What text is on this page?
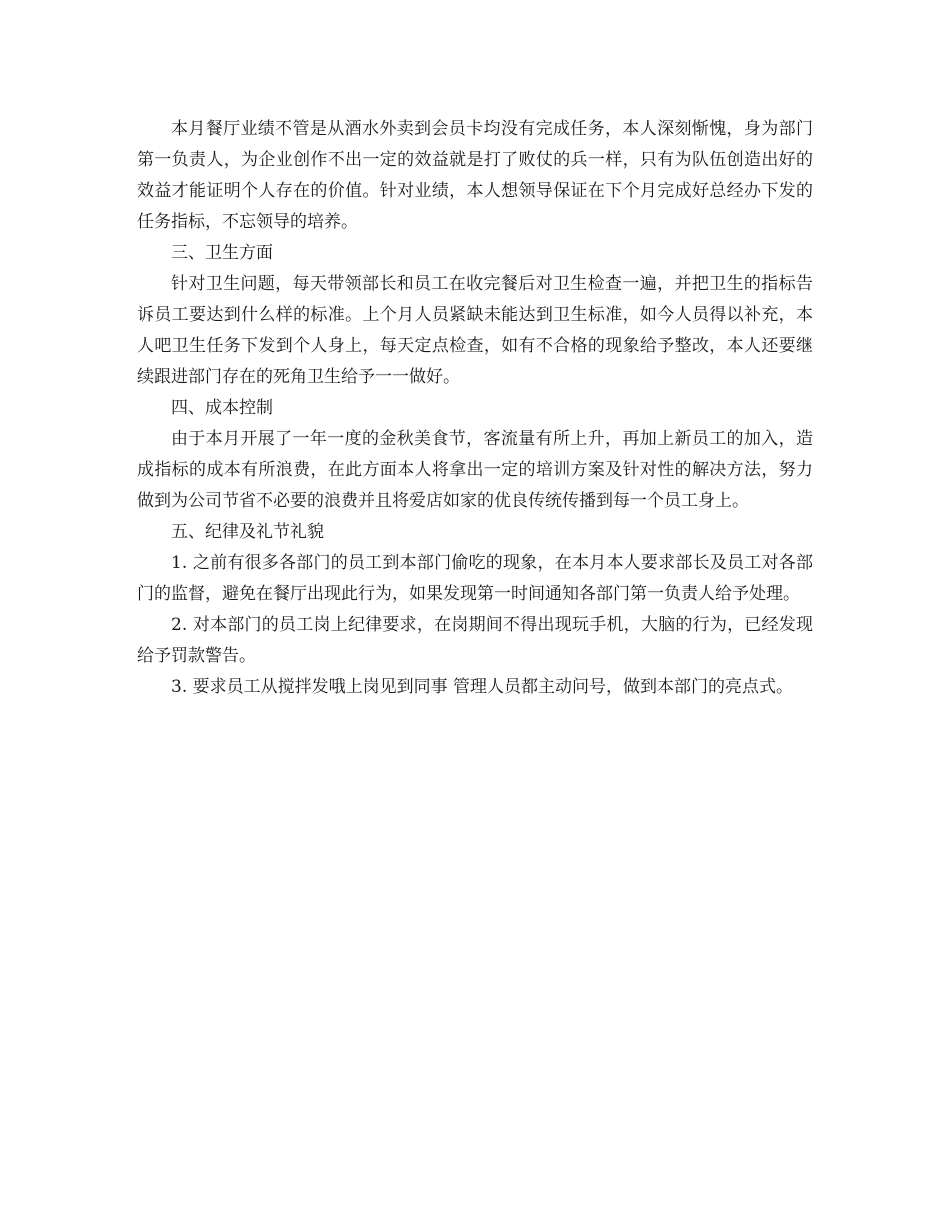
本月餐厅业绩不管是从酒水外卖到会员卡均没有完成任务，本人深刻惭愧，身为部门第一负责人，为企业创作不出一定的效益就是打了败仗的兵一样，只有为队伍创造出好的效益才能证明个人存在的价值。针对业绩，本人想领导保证在下个月完成好总经办下发的任务指标，不忘领导的培养。

三、卫生方面

针对卫生问题，每天带领部长和员工在收完餐后对卫生检查一遍，并把卫生的指标告诉员工要达到什么样的标准。上个月人员紧缺未能达到卫生标准，如今人员得以补充，本人吧卫生任务下发到个人身上，每天定点检查，如有不合格的现象给予整改，本人还要继续跟进部门存在的死角卫生给予一一做好。

四、成本控制

由于本月开展了一年一度的金秋美食节，客流量有所上升，再加上新员工的加入，造成指标的成本有所浪费，在此方面本人将拿出一定的培训方案及针对性的解决方法，努力做到为公司节省不必要的浪费并且将爱店如家的优良传统传播到每一个员工身上。

五、纪律及礼节礼貌

1. 之前有很多各部门的员工到本部门偷吃的现象，在本月本人要求部长及员工对各部门的监督，避免在餐厅出现此行为，如果发现第一时间通知各部门第一负责人给予处理。

2. 对本部门的员工岗上纪律要求，在岗期间不得出现玩手机，大脑的行为，已经发现给予罚款警告。

3. 要求员工从搅拌发哦上岗见到同事 管理人员都主动问号，做到本部门的亮点式。
